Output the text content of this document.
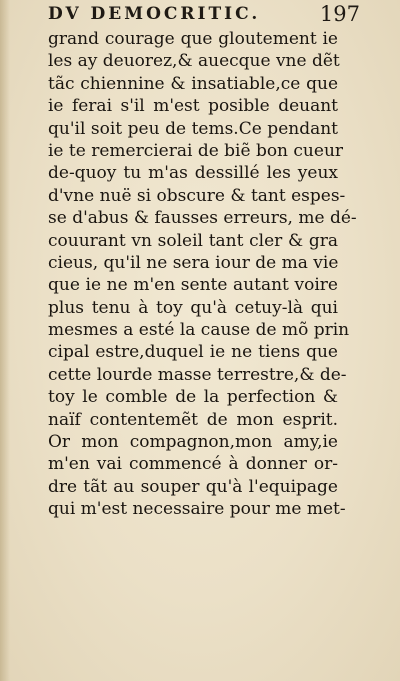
DV DEMOCRITIC.	197
grand courage que gloutement ie
les ay deuorez,& auecque vne dẽt
tãc chiennine & insatiable,ce que
ie ferai s'il m'est posible deuant
qu'il soit peu de tems.Ce pendant
ie te remercierai de biẽ bon cueur
de-quoy tu m'as dessillé les yeux
d'vne nuë si obscure & tant espes-
se d'abus & fausses erreurs, me dé-
couurant vn soleil tant cler & gra
cieus, qu'il ne sera iour de ma vie
que ie ne m'en sente autant voire
plus tenu à toy qu'à cetuy-là qui
mesmes a esté la cause de mõ prin
cipal estre,duquel ie ne tiens que
cette lourde masse terrestre,& de-
toy le comble de la perfection &
naïf contentemẽt de mon esprit.
Or mon compagnon,mon amy,ie
m'en vai commencé à donner or-
dre tãt au souper qu'à l'equipage
qui m'est necessaire pour me met-
